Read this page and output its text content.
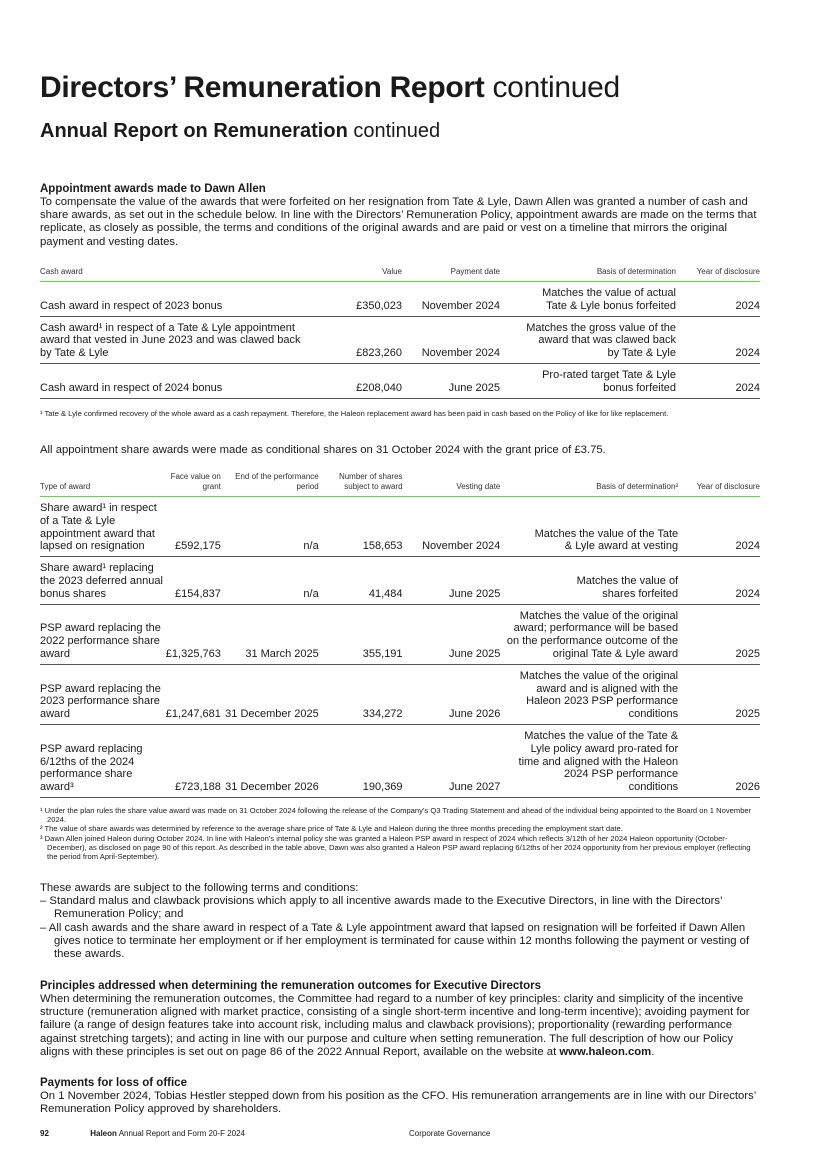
Directors’ Remuneration Report continued
Annual Report on Remuneration continued
Appointment awards made to Dawn Allen
To compensate the value of the awards that were forfeited on her resignation from Tate & Lyle, Dawn Allen was granted a number of cash and share awards, as set out in the schedule below. In line with the Directors’ Remuneration Policy, appointment awards are made on the terms that replicate, as closely as possible, the terms and conditions of the original awards and are paid or vest on a timeline that mirrors the original payment and vesting dates.
Cash award	Value	Payment date	Basis of determination	Year of disclosure
Cash award in respect of 2023 bonus	£350,023	November 2024	Matches the value of actual Tate & Lyle bonus forfeited	2024
Cash award¹ in respect of a Tate & Lyle appointment award that vested in June 2023 and was clawed back by Tate & Lyle	£823,260	November 2024	Matches the gross value of the award that was clawed back by Tate & Lyle	2024
Cash award in respect of 2024 bonus	£208,040	June 2025	Pro-rated target Tate & Lyle bonus forfeited	2024

¹ Tate & Lyle confirmed recovery of the whole award as a cash repayment. Therefore, the Haleon replacement award has been paid in cash based on the Policy of like for like replacement.

All appointment share awards were made as conditional shares on 31 October 2024 with the grant price of £3.75.
Type of award	Face value on grant	End of the performance period	Number of shares subject to award	Vesting date	Basis of determination²	Year of disclosure
Share award¹ in respect of a Tate & Lyle appointment award that lapsed on resignation	£592,175	n/a	158,653	November 2024	Matches the value of the Tate & Lyle award at vesting	2024
Share award¹ replacing the 2023 deferred annual bonus shares	£154,837	n/a	41,484	June 2025	Matches the value of shares forfeited	2024
PSP award replacing the 2022 performance share award	£1,325,763	31 March 2025	355,191	June 2025	Matches the value of the original award; performance will be based on the performance outcome of the original Tate & Lyle award	2025
PSP award replacing the 2023 performance share award	£1,247,681	31 December 2025	334,272	June 2026	Matches the value of the original award and is aligned with the Haleon 2023 PSP performance conditions	2025
PSP award replacing 6/12ths of the 2024 performance share award³	£723,188	31 December 2026	190,369	June 2027	Matches the value of the Tate & Lyle policy award pro-rated for time and aligned with the Haleon 2024 PSP performance conditions	2026

¹ Under the plan rules the share value award was made on 31 October 2024 following the release of the Company’s Q3 Trading Statement and ahead of the individual being appointed to the Board on 1 November 2024.

² The value of share awards was determined by reference to the average share price of Tate & Lyle and Haleon during the three months preceding the employment start date.

³ Dawn Allen joined Haleon during October 2024. In line with Haleon’s internal policy she was granted a Haleon PSP award in respect of 2024 which reflects 3/12th of her 2024 Haleon opportunity (October-December), as disclosed on page 90 of this report. As described in the table above, Dawn was also granted a Haleon PSP award replacing 6/12ths of her 2024 opportunity from her previous employer (reflecting the period from April-September).

These awards are subject to the following terms and conditions:
– Standard malus and clawback provisions which apply to all incentive awards made to the Executive Directors, in line with the Directors’ Remuneration Policy; and
– All cash awards and the share award in respect of a Tate & Lyle appointment award that lapsed on resignation will be forfeited if Dawn Allen gives notice to terminate her employment or if her employment is terminated for cause within 12 months following the payment or vesting of these awards.
Principles addressed when determining the remuneration outcomes for Executive Directors
When determining the remuneration outcomes, the Committee had regard to a number of key principles: clarity and simplicity of the incentive structure (remuneration aligned with market practice, consisting of a single short-term incentive and long-term incentive); avoiding payment for failure (a range of design features take into account risk, including malus and clawback provisions); proportionality (rewarding performance against stretching targets); and acting in line with our purpose and culture when setting remuneration. The full description of how our Policy aligns with these principles is set out on page 86 of the 2022 Annual Report, available on the website at www.haleon.com.
Payments for loss of office
On 1 November 2024, Tobias Hestler stepped down from his position as the CFO. His remuneration arrangements are in line with our Directors’ Remuneration Policy approved by shareholders.
92	Haleon Annual Report and Form 20-F 2024	Corporate Governance
